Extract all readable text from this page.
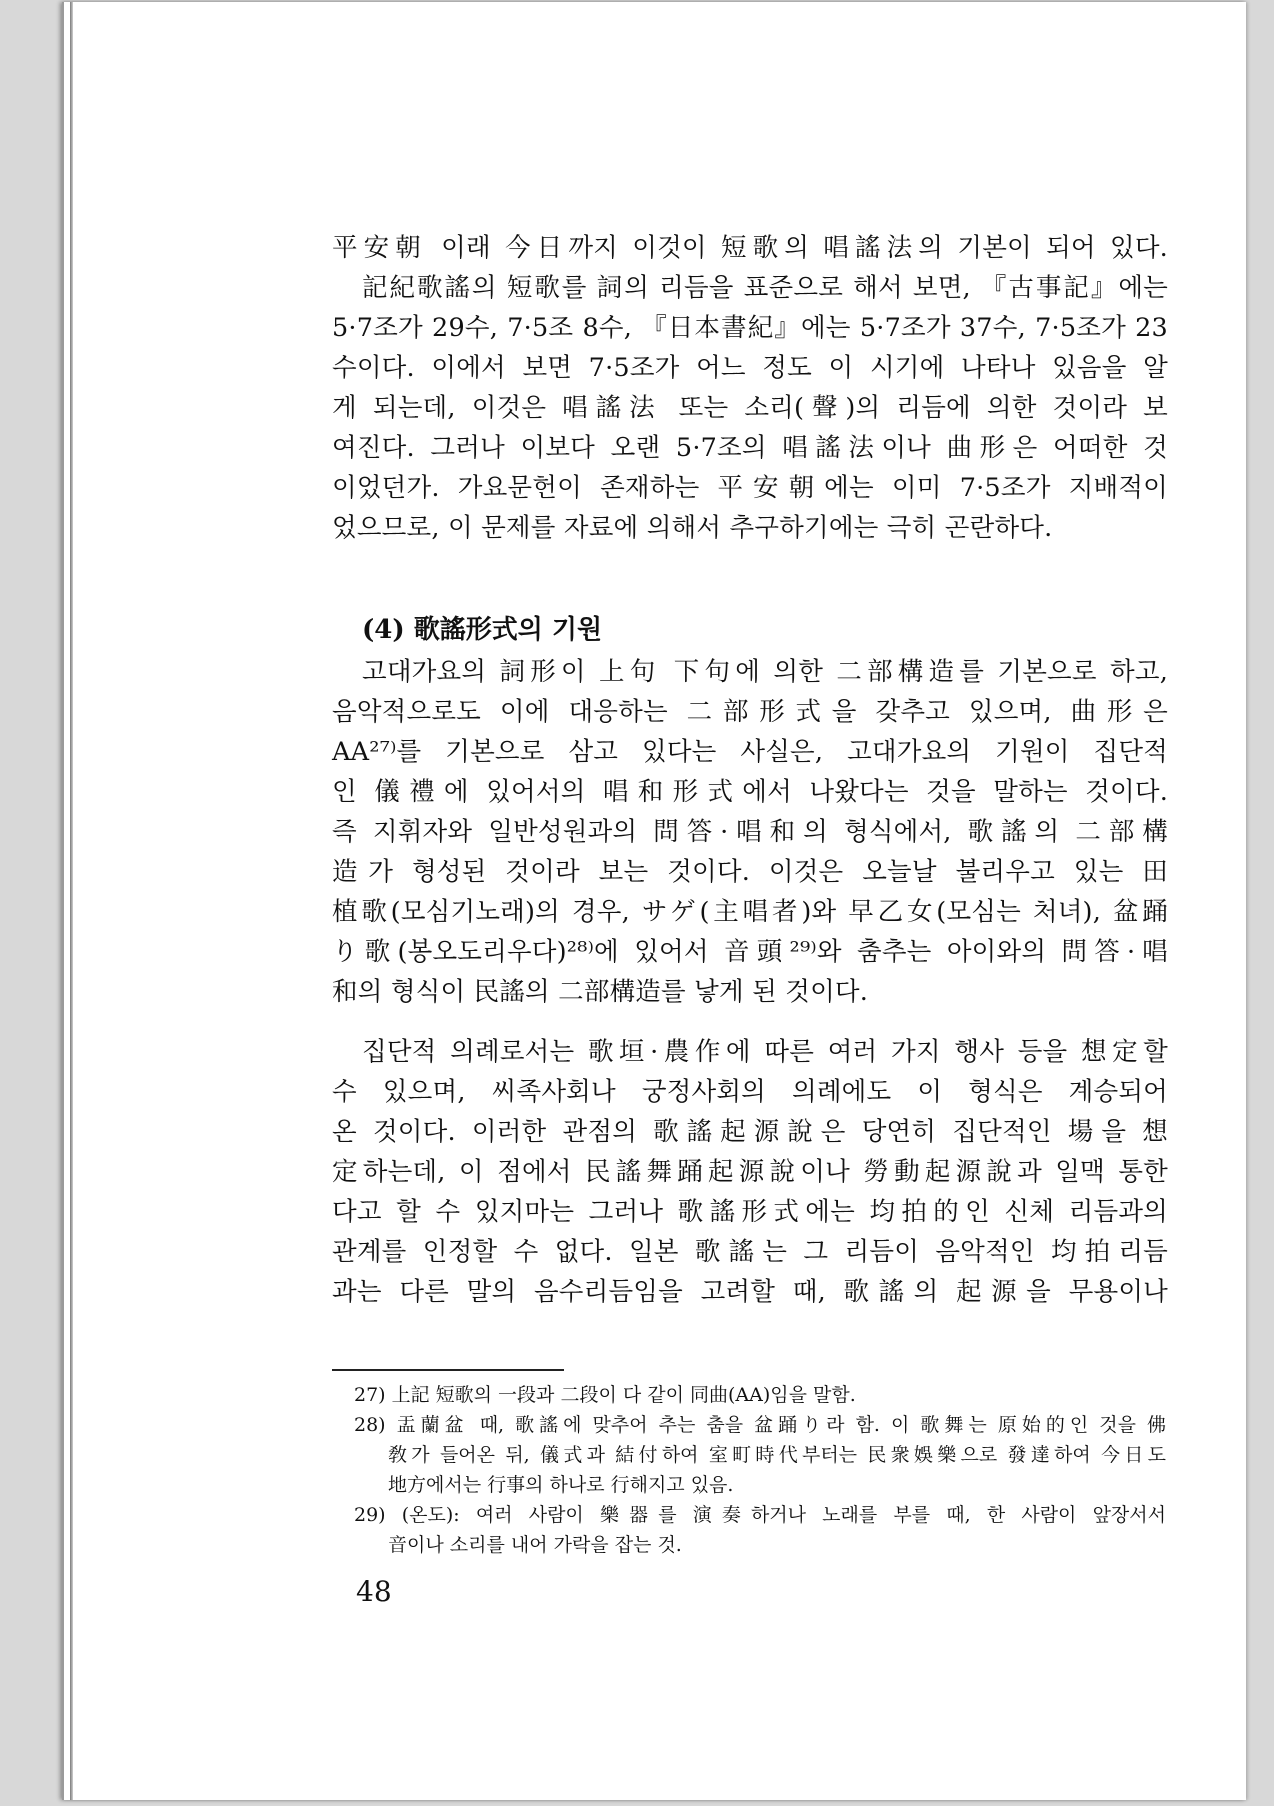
平安朝 이래 今日까지 이것이 短歌의 唱謠法의 기본이 되어 있다.
記紀歌謠의 短歌를 詞의 리듬을 표준으로 해서 보면, 『古事記』에는
5·7조가 29수, 7·5조 8수, 『日本書紀』에는 5·7조가 37수, 7·5조가 23
수이다. 이에서 보면 7·5조가 어느 정도 이 시기에 나타나 있음을 알
게 되는데, 이것은 唱謠法 또는 소리(聲)의 리듬에 의한 것이라 보
여진다. 그러나 이보다 오랜 5·7조의 唱謠法이나 曲形은 어떠한 것
이었던가. 가요문헌이 존재하는 平安朝에는 이미 7·5조가 지배적이
었으므로, 이 문제를 자료에 의해서 추구하기에는 극히 곤란하다.
(4) 歌謠形式의 기원
고대가요의 詞形이 上句 下句에 의한 二部構造를 기본으로 하고,
음악적으로도 이에 대응하는 二部形式을 갖추고 있으며, 曲形은
AA²⁷⁾를 기본으로 삼고 있다는 사실은, 고대가요의 기원이 집단적
인 儀禮에 있어서의 唱和形式에서 나왔다는 것을 말하는 것이다.
즉 지휘자와 일반성원과의 問答·唱和의 형식에서, 歌謠의 二部構
造가 형성된 것이라 보는 것이다. 이것은 오늘날 불리우고 있는 田
植歌(모심기노래)의 경우, サゲ(主唱者)와 早乙女(모심는 처녀), 盆踊
り歌(봉오도리우다)²⁸⁾에 있어서 音頭²⁹⁾와 춤추는 아이와의 問答·唱
和의 형식이 民謠의 二部構造를 낳게 된 것이다.
집단적 의례로서는 歌垣·農作에 따른 여러 가지 행사 등을 想定할
수 있으며, 씨족사회나 궁정사회의 의례에도 이 형식은 계승되어
온 것이다. 이러한 관점의 歌謠起源說은 당연히 집단적인 場을 想
定하는데, 이 점에서 民謠舞踊起源說이나 勞動起源說과 일맥 통한
다고 할 수 있지마는 그러나 歌謠形式에는 均拍的인 신체 리듬과의
관계를 인정할 수 없다. 일본 歌謠는 그 리듬이 음악적인 均拍리듬
과는 다른 말의 음수리듬임을 고려할 때, 歌謠의 起源을 무용이나
27) 上記 短歌의 一段과 二段이 다 같이 同曲(AA)임을 말함.
28) 盂蘭盆 때, 歌謠에 맞추어 추는 춤을 盆踊り라 함. 이 歌舞는 原始的인 것을 佛
敎가 들어온 뒤, 儀式과 結付하여 室町時代부터는 民衆娛樂으로 發達하여 今日도
地方에서는 行事의 하나로 行해지고 있음.
29) (온도): 여러 사람이 樂器를 演奏하거나 노래를 부를 때, 한 사람이 앞장서서
音이나 소리를 내어 가락을 잡는 것.
48
